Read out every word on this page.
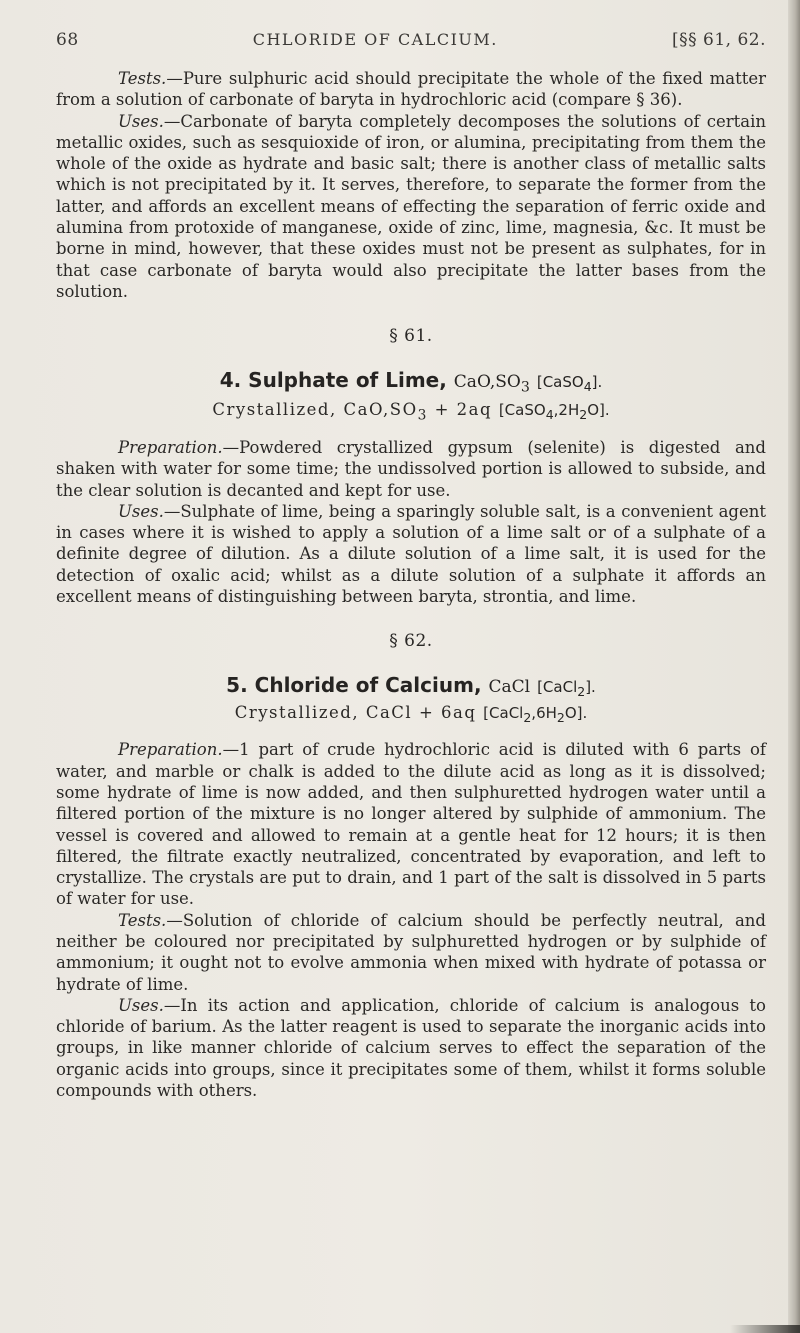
68	CHLORIDE OF CALCIUM.	[§§ 61, 62.

Tests.—Pure sulphuric acid should precipitate the whole of the fixed matter from a solution of carbonate of baryta in hydrochloric acid (compare § 36).

Uses.—Carbonate of baryta completely decomposes the solutions of certain metallic oxides, such as sesquioxide of iron, or alumina, precipitating from them the whole of the oxide as hydrate and basic salt; there is another class of metallic salts which is not precipitated by it. It serves, therefore, to separate the former from the latter, and affords an excellent means of effecting the separation of ferric oxide and alumina from protoxide of manganese, oxide of zinc, lime, magnesia, &c. It must be borne in mind, however, that these oxides must not be present as sulphates, for in that case carbonate of baryta would also precipitate the latter bases from the solution.

§ 61.
4. Sulphate of Lime, $CaO,SO_3$ [CaSO$_4$].
Crystallized, $CaO,SO_3 + 2aq$ $[CaSO_4,2H_2O]$.

Preparation.—Powdered crystallized gypsum (selenite) is digested and shaken with water for some time; the undissolved portion is allowed to subside, and the clear solution is decanted and kept for use.

Uses.—Sulphate of lime, being a sparingly soluble salt, is a convenient agent in cases where it is wished to apply a solution of a lime salt or of a sulphate of a definite degree of dilution. As a dilute solution of a lime salt, it is used for the detection of oxalic acid; whilst as a dilute solution of a sulphate it affords an excellent means of distinguishing between baryta, strontia, and lime.

§ 62.
5. Chloride of Calcium, CaCl [CaCl$_2$].
Crystallized, CaCl + 6aq $[CaCl_2,6H_2O]$.

Preparation.—1 part of crude hydrochloric acid is diluted with 6 parts of water, and marble or chalk is added to the dilute acid as long as it is dissolved; some hydrate of lime is now added, and then sulphuretted hydrogen water until a filtered portion of the mixture is no longer altered by sulphide of ammonium. The vessel is covered and allowed to remain at a gentle heat for 12 hours; it is then filtered, the filtrate exactly neutralized, concentrated by evaporation, and left to crystallize. The crystals are put to drain, and 1 part of the salt is dissolved in 5 parts of water for use.

Tests.—Solution of chloride of calcium should be perfectly neutral, and neither be coloured nor precipitated by sulphuretted hydrogen or by sulphide of ammonium; it ought not to evolve ammonia when mixed with hydrate of potassa or hydrate of lime.

Uses.—In its action and application, chloride of calcium is analogous to chloride of barium. As the latter reagent is used to separate the inorganic acids into groups, in like manner chloride of calcium serves to effect the separation of the organic acids into groups, since it precipitates some of them, whilst it forms soluble compounds with others.
